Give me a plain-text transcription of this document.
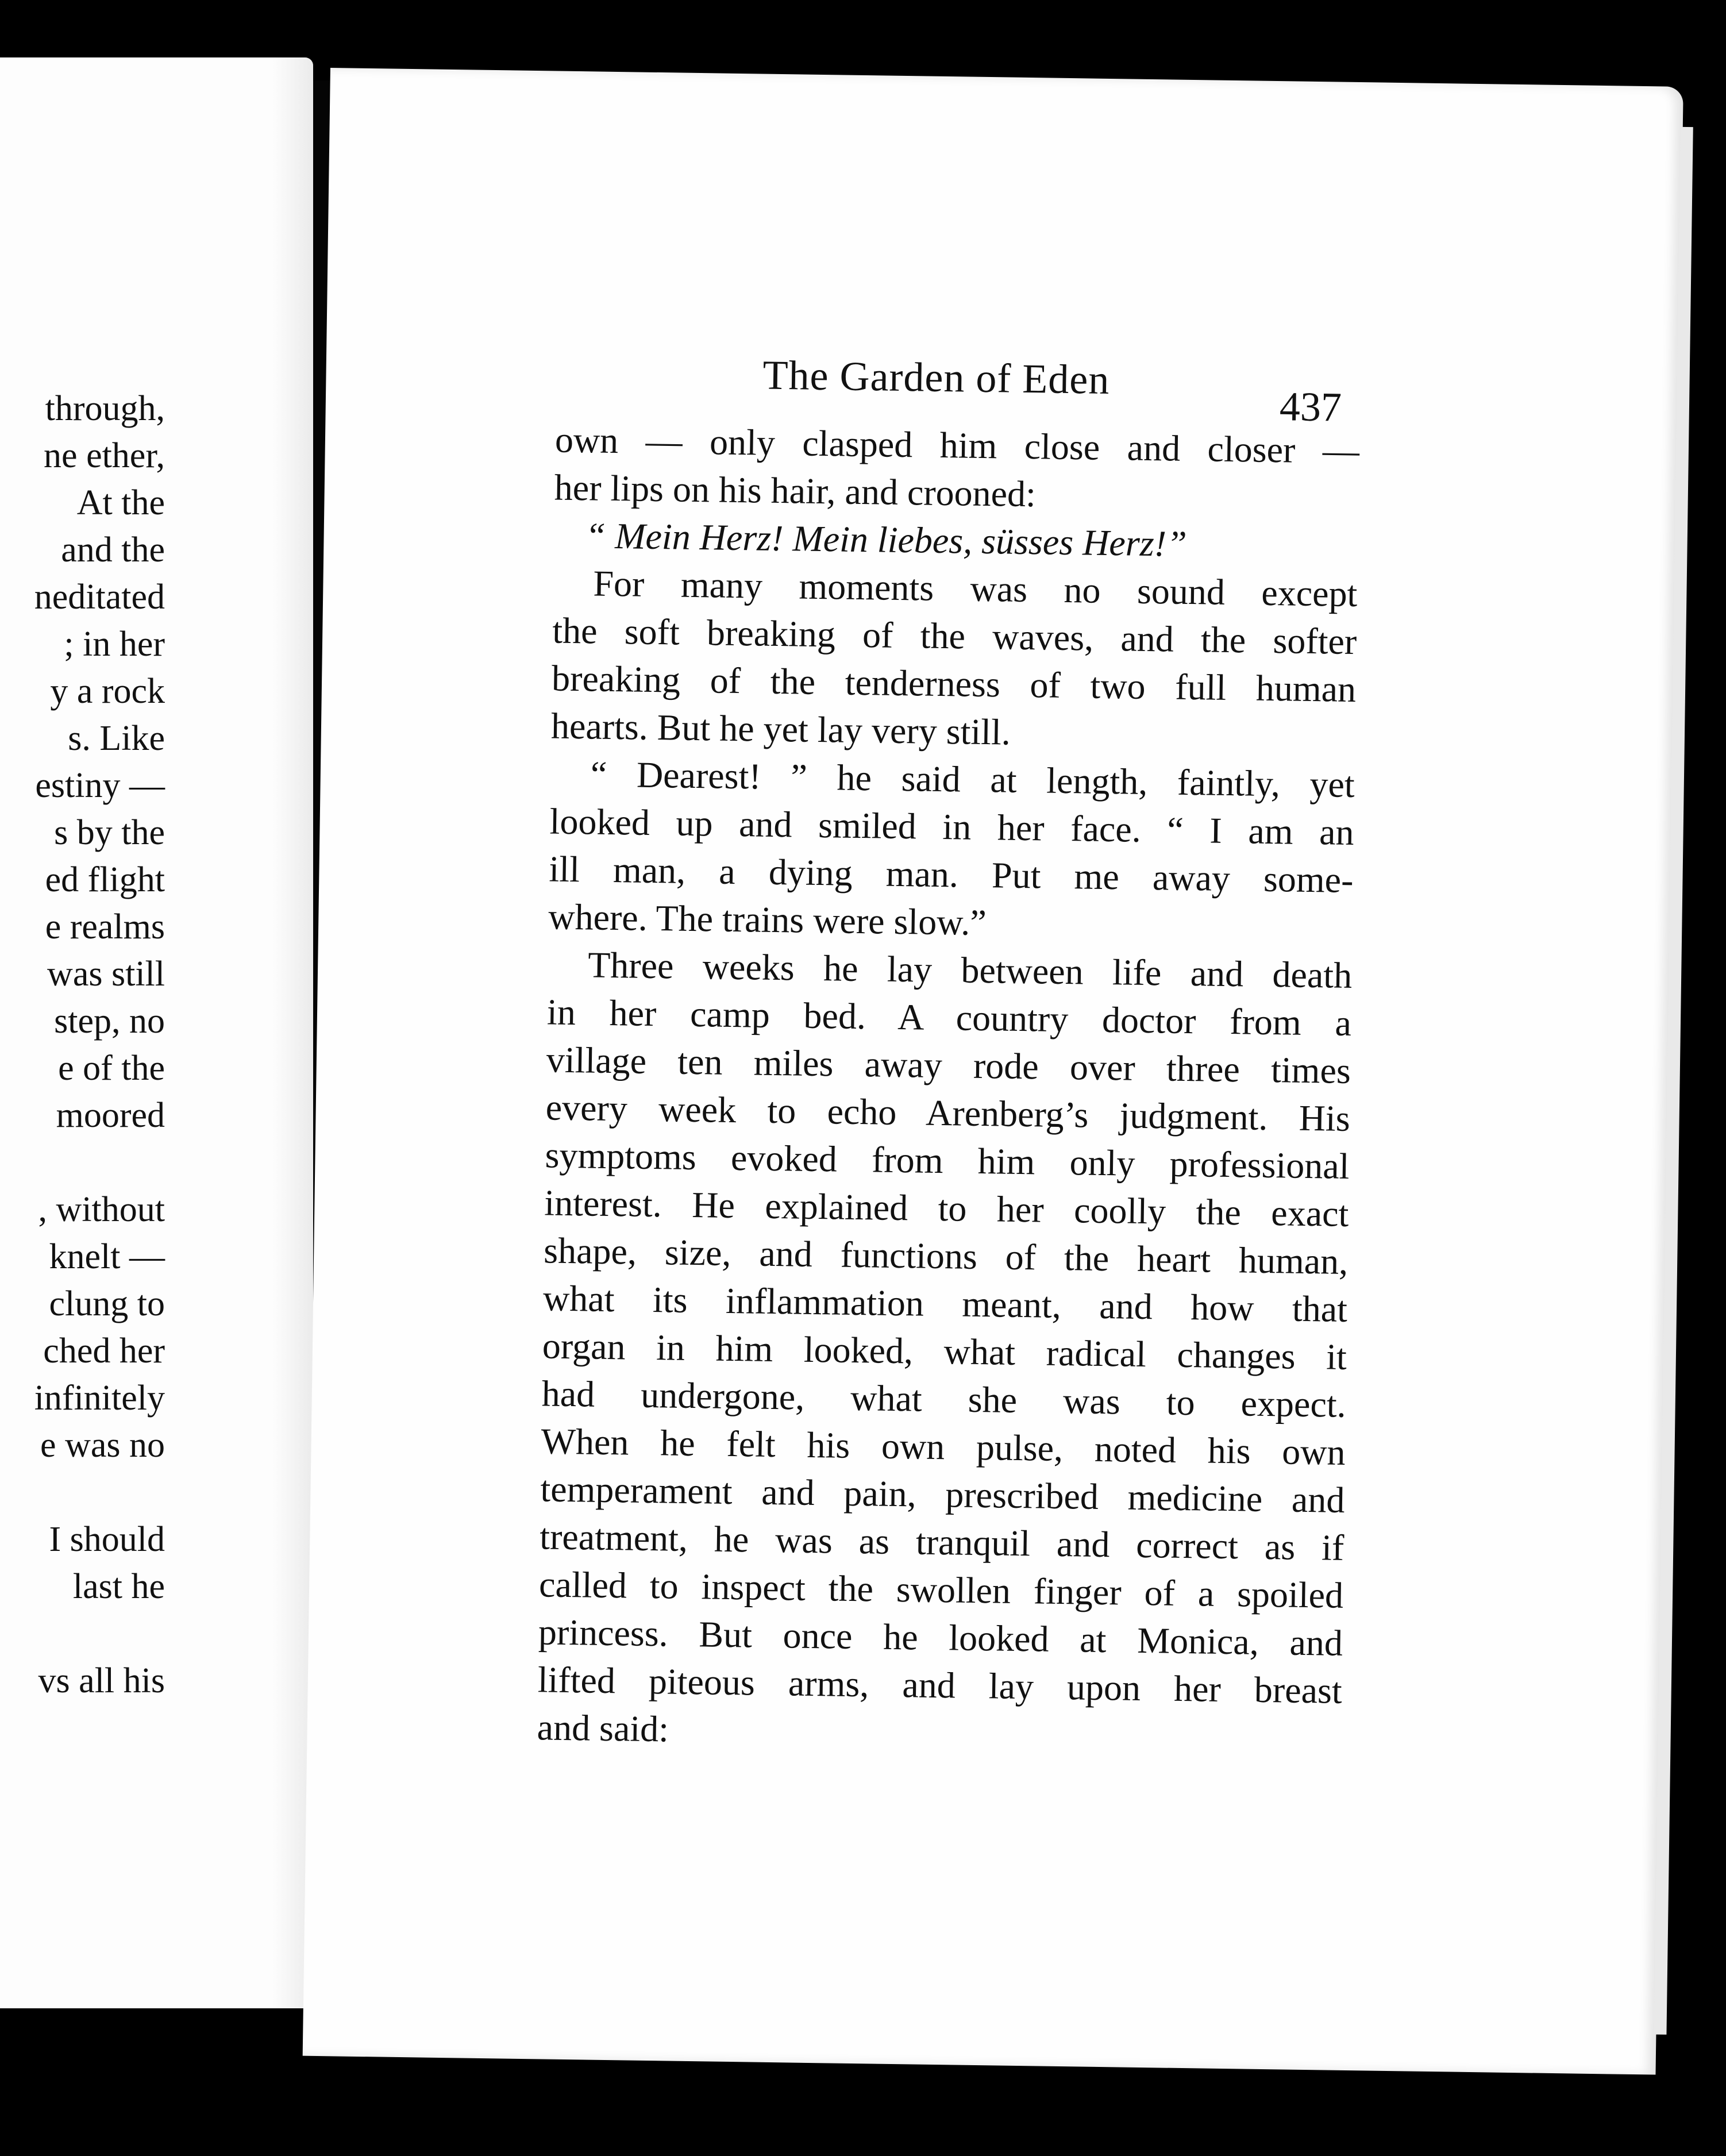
through,
ne ether,
At the
and the
neditated
; in her
y a rock
s. Like
estiny —
s by the
ed flight
e realms
was still
step, no
e of the
moored
, without
knelt —
clung to
ched her
infinitely
e was no
I should
last he
vs all his
The Garden of Eden
437
own — only clasped him close and closer —
her lips on his hair, and crooned:
“ Mein Herz! Mein liebes, süsses Herz!”
For many moments was no sound except
the soft breaking of the waves, and the softer
breaking of the tenderness of two full human
hearts. But he yet lay very still.
“ Dearest! ” he said at length, faintly, yet
looked up and smiled in her face. “ I am an
ill man, a dying man. Put me away some-
where. The trains were slow.”
Three weeks he lay between life and death
in her camp bed. A country doctor from a
village ten miles away rode over three times
every week to echo Arenberg’s judgment. His
symptoms evoked from him only professional
interest. He explained to her coolly the exact
shape, size, and functions of the heart human,
what its inflammation meant, and how that
organ in him looked, what radical changes it
had undergone, what she was to expect.
When he felt his own pulse, noted his own
temperament and pain, prescribed medicine and
treatment, he was as tranquil and correct as if
called to inspect the swollen finger of a spoiled
princess. But once he looked at Monica, and
lifted piteous arms, and lay upon her breast
and said:
